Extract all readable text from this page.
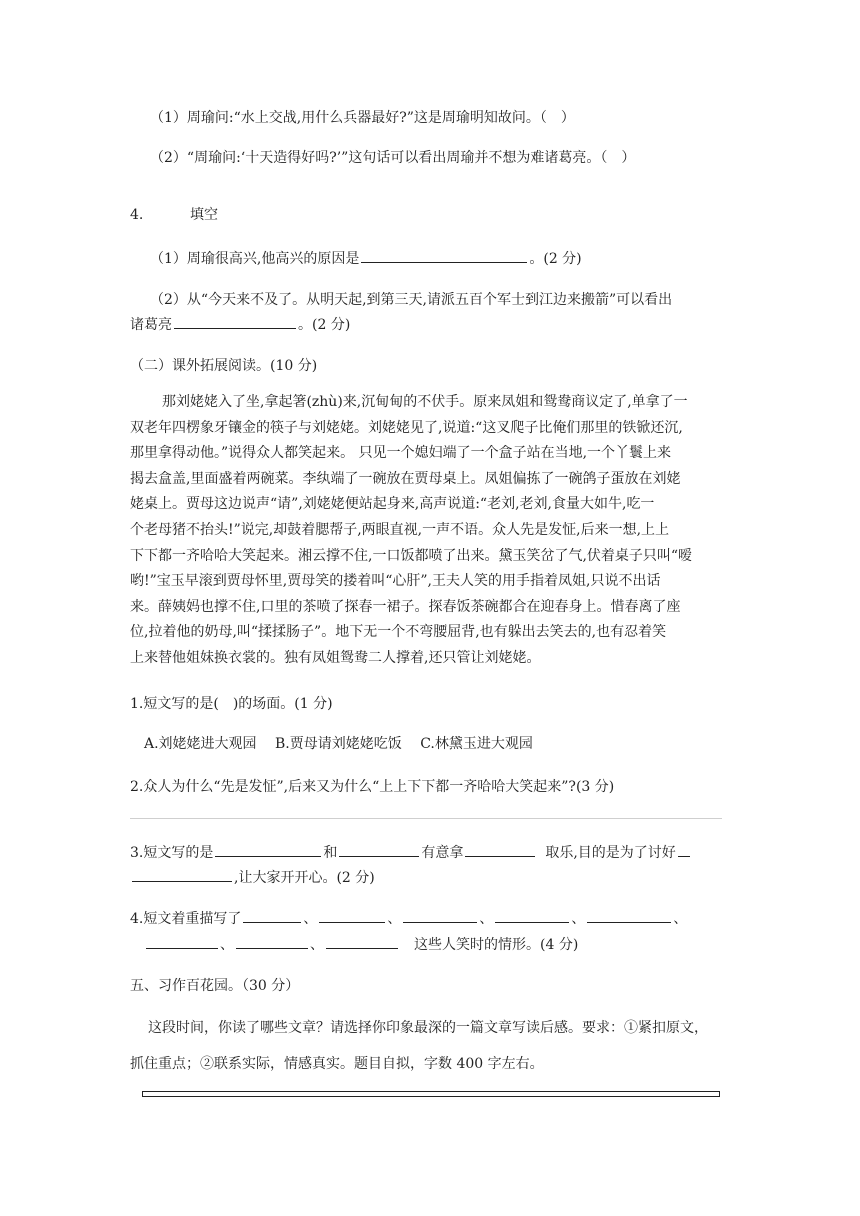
（1）周瑜问:“水上交战,用什么兵器最好?”这是周瑜明知故问。（　）
（2）“周瑜问:‘十天造得好吗?’”这句话可以看出周瑜并不想为难诸葛亮。（　）
4.	填空
（1）周瑜很高兴,他高兴的原因是	。(2 分)
（2）从“今天来不及了。从明天起,到第三天,请派五百个军士到江边来搬箭”可以看出
诸葛亮	。(2 分)
（二）课外拓展阅读。(10 分)
那刘姥姥入了坐,拿起箸(zhù)来,沉甸甸的不伏手。原来凤姐和鸳鸯商议定了,单拿了一
双老年四楞象牙镶金的筷子与刘姥姥。刘姥姥见了,说道:“这叉爬子比俺们那里的铁锨还沉,
那里拿得动他。”说得众人都笑起来。 只见一个媳妇端了一个盒子站在当地,一个丫鬟上来
揭去盒盖,里面盛着两碗菜。李纨端了一碗放在贾母桌上。凤姐偏拣了一碗鸽子蛋放在刘姥
姥桌上。贾母这边说声“请”,刘姥姥便站起身来,高声说道:“老刘,老刘,食量大如牛,吃一
个老母猪不抬头!”说完,却鼓着腮帮子,两眼直视,一声不语。众人先是发怔,后来一想,上上
下下都一齐哈哈大笑起来。湘云撑不住,一口饭都喷了出来。黛玉笑岔了气,伏着桌子只叫“嗳
哟!”宝玉早滚到贾母怀里,贾母笑的搂着叫“心肝”,王夫人笑的用手指着凤姐,只说不出话
来。薛姨妈也撑不住,口里的茶喷了探春一裙子。探春饭茶碗都合在迎春身上。惜春离了座
位,拉着他的奶母,叫“揉揉肠子”。地下无一个不弯腰屈背,也有躲出去笑去的,也有忍着笑
上来替他姐妹换衣裳的。独有凤姐鸳鸯二人撑着,还只管让刘姥姥。
1.短文写的是(　)的场面。(1 分)
A.刘姥姥进大观园　 B.贾母请刘姥姥吃饭　 C.林黛玉进大观园
2.众人为什么“先是发怔”,后来又为什么“上上下下都一齐哈哈大笑起来”?(3 分)
3.短文写的是	和	有意拿	取乐,目的是为了讨好
,让大家开开心。(2 分)
4.短文着重描写了	、	、	、	、	、
、	、	这些人笑时的情形。(4 分)
五、习作百花园。（30 分）
这段时间，你读了哪些文章？请选择你印象最深的一篇文章写读后感。要求：①紧扣原文，
抓住重点；②联系实际，情感真实。题目自拟，字数 400 字左右。
